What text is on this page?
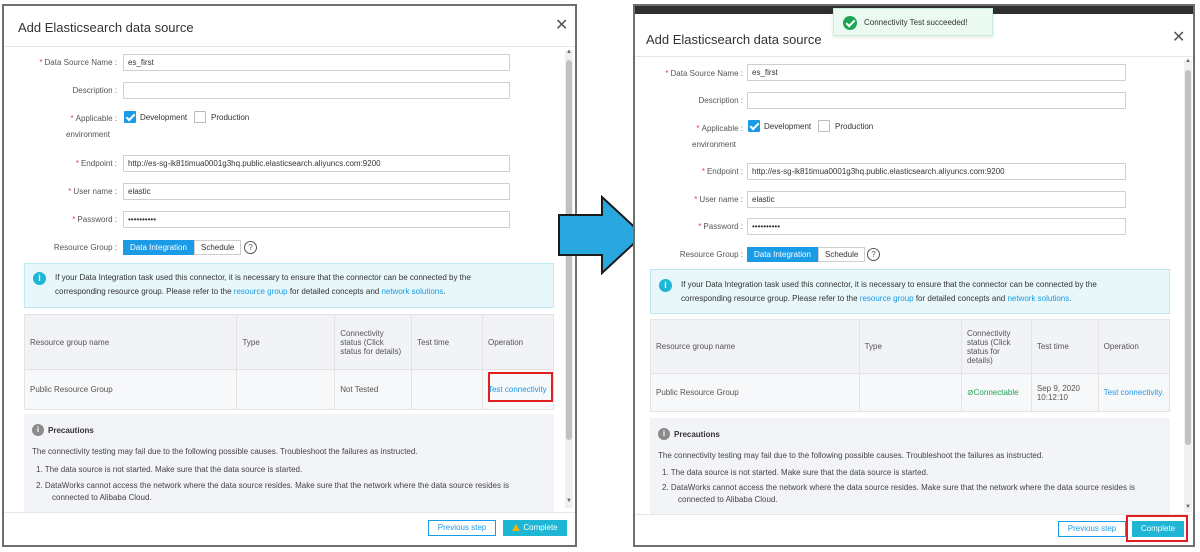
Add Elasticsearch data source	✕
* Data Source Name :	es_first
Description :
* Applicable :
environment
Development	Production
* Endpoint :	http://es-sg-ik81timua0001g3hq.public.elasticsearch.aliyuncs.com:9200
* User name :	elastic
* Password :	••••••••••
Resource Group :	Data Integration	Schedule	?
i	If your Data Integration task used this connector, it is necessary to ensure that the connector can be connected by the
corresponding resource group. Please refer to the resource group for detailed concepts and network solutions.
Resource group name	Type	Connectivity status (Click status for details)	Test time	Operation
Public Resource Group		Not Tested		Test connectivity
i	Precautions
The connectivity testing may fail due to the following possible causes. Troubleshoot the failures as instructed.
1. The data source is not started. Make sure that the data source is started.
2. DataWorks cannot access the network where the data source resides. Make sure that the network where the data source resides is
connected to Alibaba Cloud.
▲
▼
Previous step	Complete
Connectivity Test succeeded!
Add Elasticsearch data source	✕
* Data Source Name :	es_first
Description :
* Applicable :
environment
Development	Production
* Endpoint :	http://es-sg-ik81timua0001g3hq.public.elasticsearch.aliyuncs.com:9200
* User name :	elastic
* Password :	••••••••••
Resource Group :	Data Integration	Schedule	?
i	If your Data Integration task used this connector, it is necessary to ensure that the connector can be connected by the
corresponding resource group. Please refer to the resource group for detailed concepts and network solutions.
Resource group name	Type	Connectivity status (Click status for details)	Test time	Operation
Public Resource Group		⊘Connectable	Sep 9, 2020
10:12:10	Test connectivity.
i	Precautions
The connectivity testing may fail due to the following possible causes. Troubleshoot the failures as instructed.
1. The data source is not started. Make sure that the data source is started.
2. DataWorks cannot access the network where the data source resides. Make sure that the network where the data source resides is
connected to Alibaba Cloud.
▲
▼
Previous step	Complete
